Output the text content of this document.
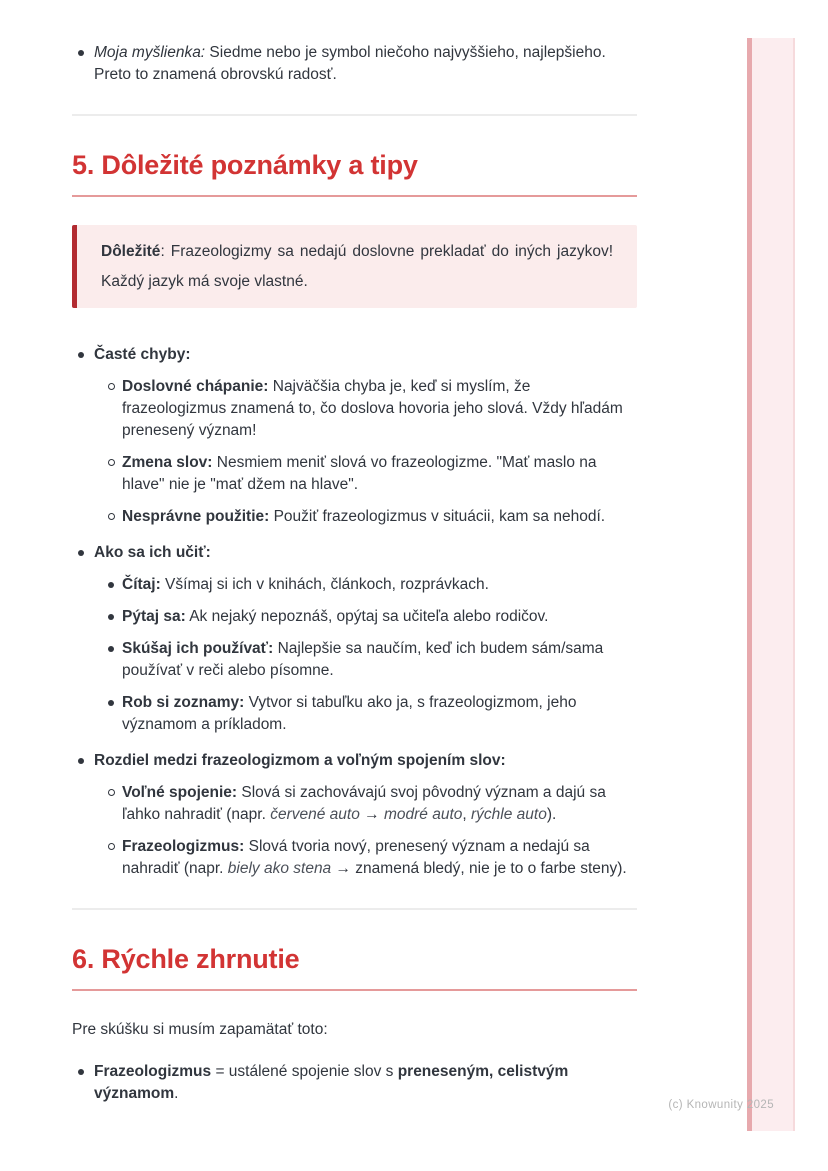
Moja myšlienka: Siedme nebo je symbol niečoho najvyššieho, najlepšieho. Preto to znamená obrovskú radosť.
5. Dôležité poznámky a tipy
Dôležité: Frazeologizmy sa nedajú doslovne prekladať do iných jazykov! Každý jazyk má svoje vlastné.
Časté chyby:
Doslovné chápanie: Najväčšia chyba je, keď si myslím, že frazeologizmus znamená to, čo doslova hovoria jeho slová. Vždy hľadám prenesený význam!
Zmena slov: Nesmiem meniť slová vo frazeologizme. "Mať maslo na hlave" nie je "mať džem na hlave".
Nesprávne použitie: Použiť frazeologizmus v situácii, kam sa nehodí.
Ako sa ich učiť:
Čítaj: Všímaj si ich v knihách, článkoch, rozprávkach.
Pýtaj sa: Ak nejaký nepoznáš, opýtaj sa učiteľa alebo rodičov.
Skúšaj ich používať: Najlepšie sa naučím, keď ich budem sám/sama používať v reči alebo písomne.
Rob si zoznamy: Vytvor si tabuľku ako ja, s frazeologizmom, jeho významom a príkladom.
Rozdiel medzi frazeologizmom a voľným spojením slov:
Voľné spojenie: Slová si zachovávajú svoj pôvodný význam a dajú sa ľahko nahradiť (napr. červené auto → modré auto, rýchle auto).
Frazeologizmus: Slová tvoria nový, prenesený význam a nedajú sa nahradiť (napr. biely ako stena → znamená bledý, nie je to o farbe steny).
6. Rýchle zhrnutie

Pre skúšku si musím zapamätať toto:

Frazeologizmus = ustálené spojenie slov s preneseným, celistvým významom.
(c) Knowunity 2025
